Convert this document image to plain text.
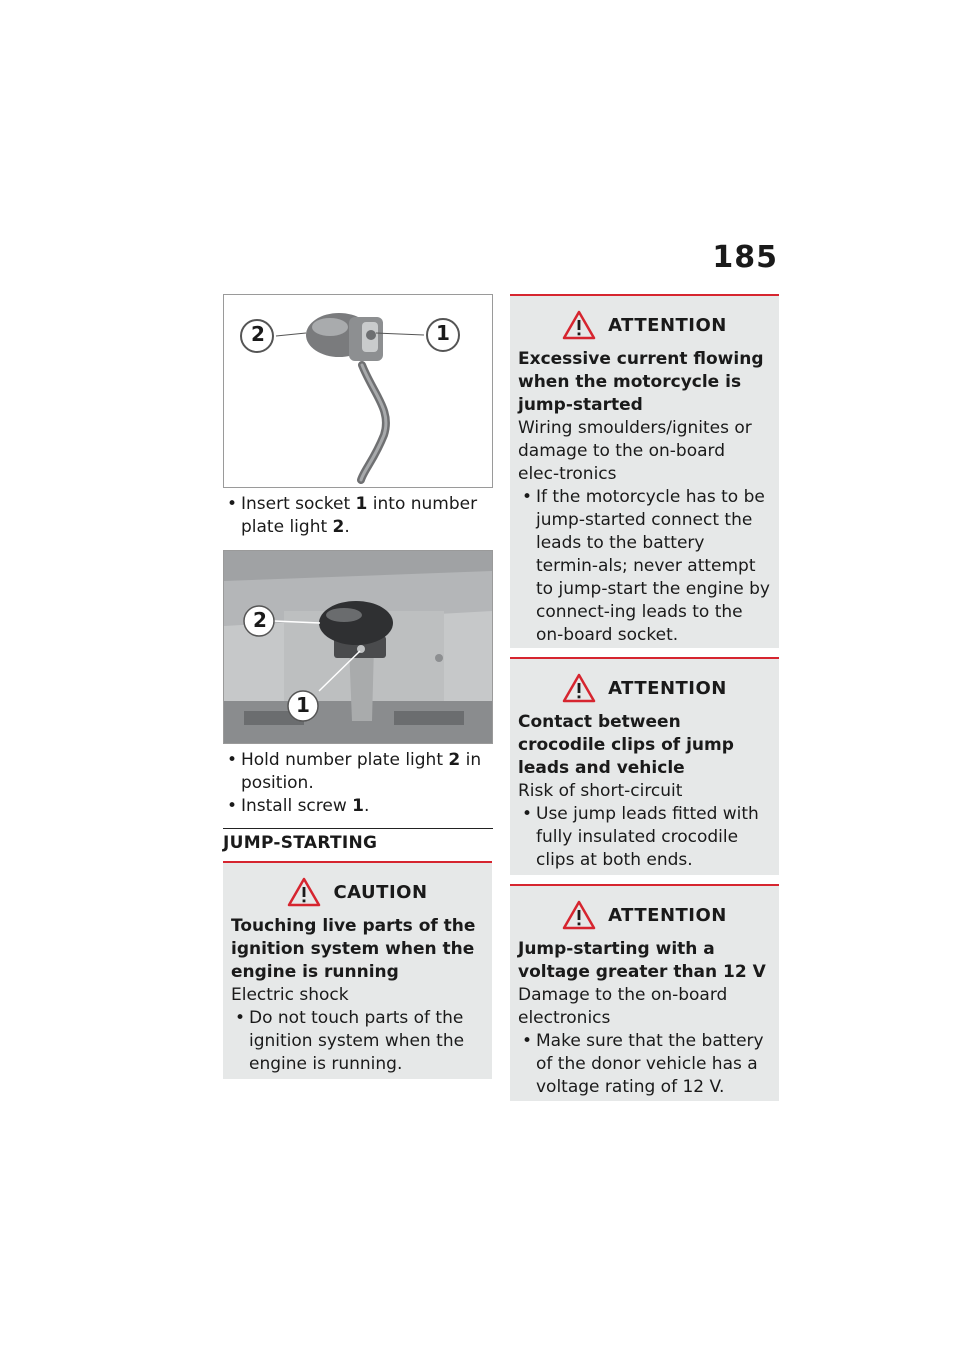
185
2	1
• Insert socket 1 into number plate light 2.
2
1
• Hold number plate light 2 in position.
• Install screw 1.
JUMP-STARTING
CAUTION
Touching live parts of the ignition system when the engine is running
Electric shock
• Do not touch parts of the ignition system when the engine is running.
ATTENTION
Excessive current flowing when the motorcycle is jump-started
Wiring smoulders/ignites or damage to the on-board elec-tronics
• If the motorcycle has to be jump-started connect the leads to the battery termin-als; never attempt to jump-start the engine by connect-ing leads to the on-board socket.
ATTENTION
Contact between crocodile clips of jump leads and vehicle
Risk of short-circuit
• Use jump leads fitted with fully insulated crocodile clips at both ends.
ATTENTION
Jump-starting with a voltage greater than 12 V
Damage to the on-board electronics
• Make sure that the battery of the donor vehicle has a voltage rating of 12 V.
